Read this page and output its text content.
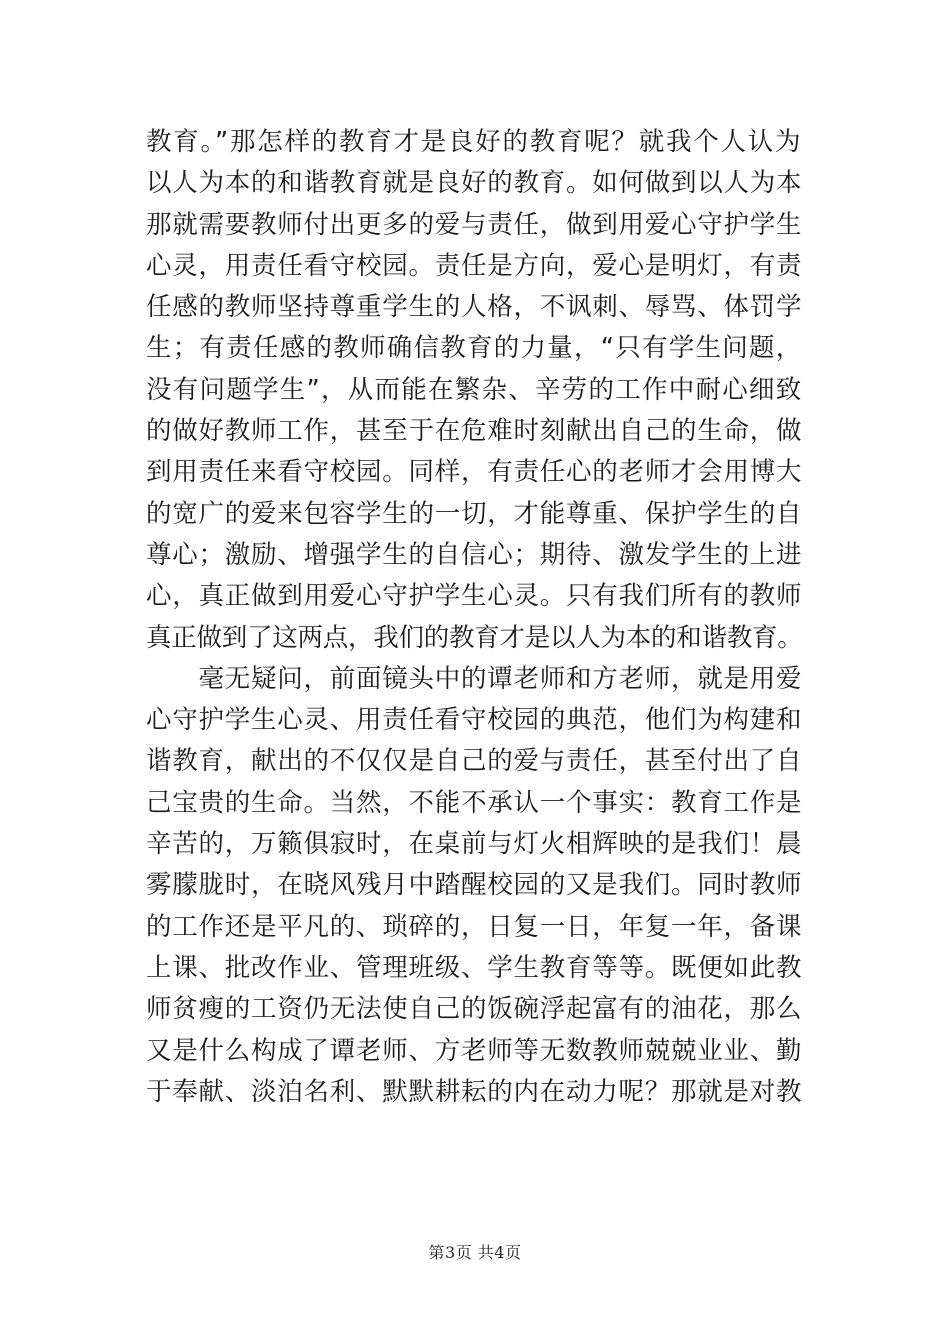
教育。”那怎样的教育才是良好的教育呢？就我个人认为
以人为本的和谐教育就是良好的教育。如何做到以人为本
那就需要教师付出更多的爱与责任，做到用爱心守护学生
心灵，用责任看守校园。责任是方向，爱心是明灯，有责
任感的教师坚持尊重学生的人格，不讽刺、辱骂、体罚学
生；有责任感的教师确信教育的力量，“只有学生问题，
没有问题学生”，从而能在繁杂、辛劳的工作中耐心细致
的做好教师工作，甚至于在危难时刻献出自己的生命，做
到用责任来看守校园。同样，有责任心的老师才会用博大
的宽广的爱来包容学生的一切，才能尊重、保护学生的自
尊心；激励、增强学生的自信心；期待、激发学生的上进
心，真正做到用爱心守护学生心灵。只有我们所有的教师
真正做到了这两点，我们的教育才是以人为本的和谐教育。
　　毫无疑问，前面镜头中的谭老师和方老师，就是用爱
心守护学生心灵、用责任看守校园的典范，他们为构建和
谐教育，献出的不仅仅是自己的爱与责任，甚至付出了自
己宝贵的生命。当然，不能不承认一个事实：教育工作是
辛苦的，万籁俱寂时，在桌前与灯火相辉映的是我们！晨
雾朦胧时，在晓风残月中踏醒校园的又是我们。同时教师
的工作还是平凡的、琐碎的，日复一日，年复一年，备课
上课、批改作业、管理班级、学生教育等等。既便如此教
师贫瘦的工资仍无法使自己的饭碗浮起富有的油花，那么
又是什么构成了谭老师、方老师等无数教师兢兢业业、勤
于奉献、淡泊名利、默默耕耘的内在动力呢？那就是对教
第3页 共4页
